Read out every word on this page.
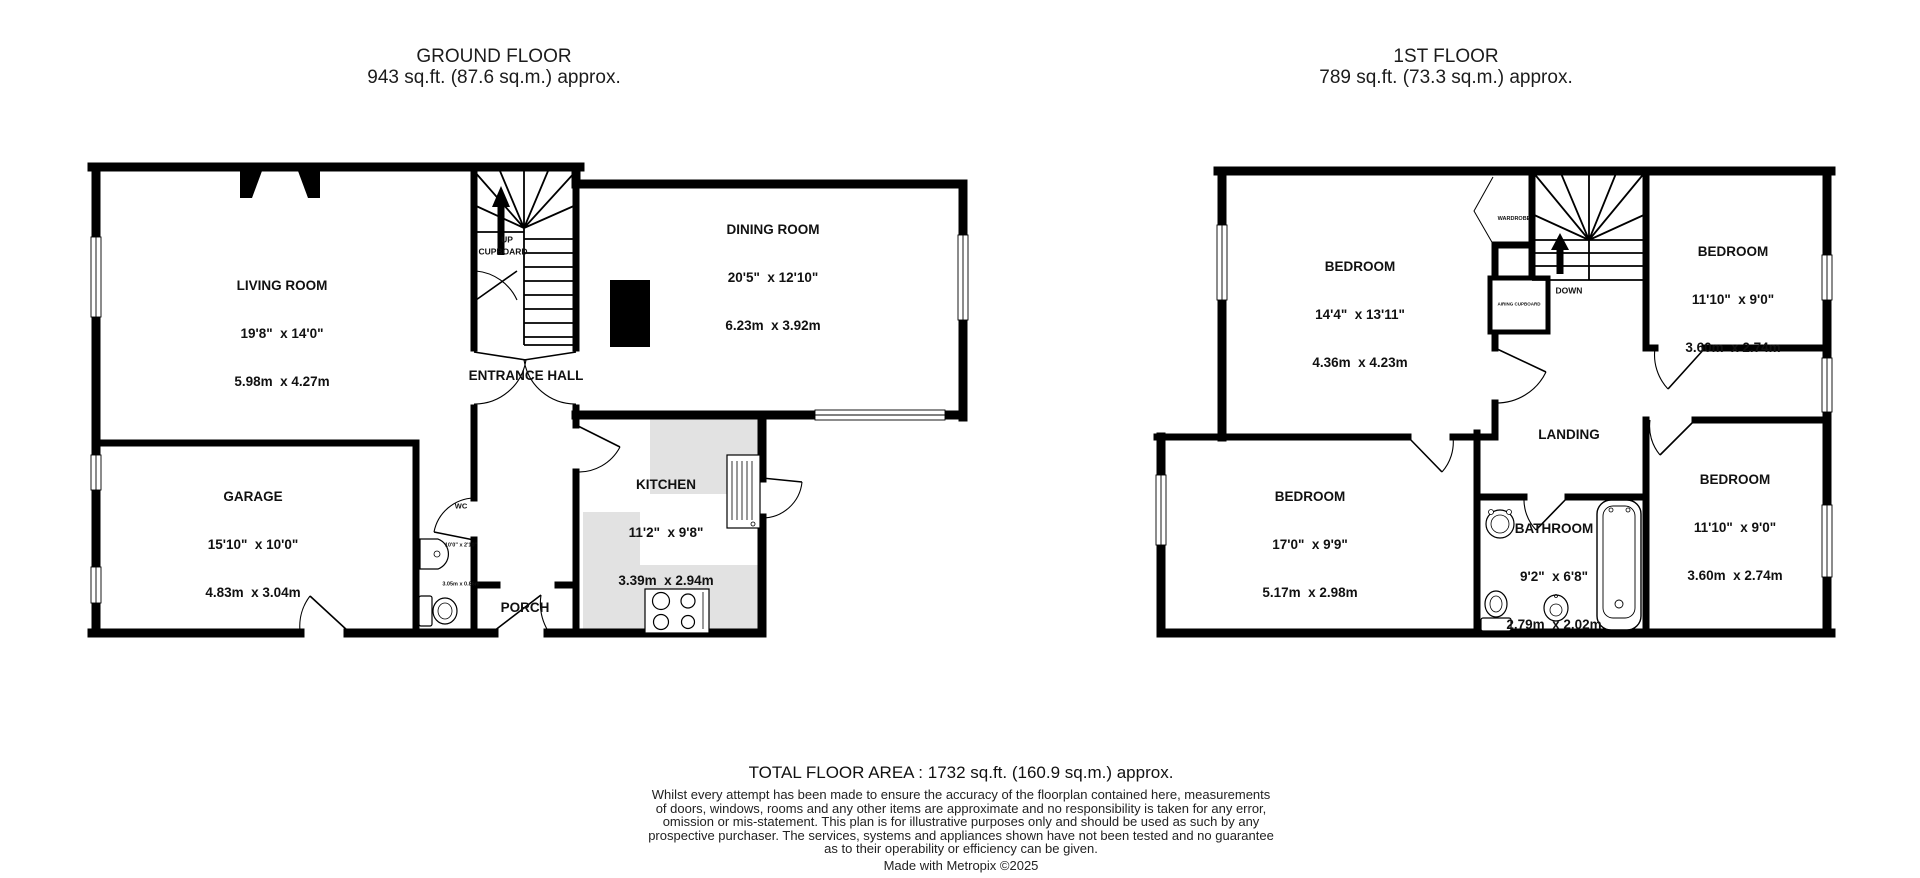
GROUND FLOOR
943 sq.ft. (87.6 sq.m.) approx.
1ST FLOOR
789 sq.ft. (73.3 sq.m.) approx.

LIVING ROOM

19'8"  x 14'0"

5.98m  x 4.27m

DINING ROOM

20'5"  x 12'10"

6.23m  x 3.92m

ENTRANCE HALL

GARAGE

15'10"  x 10'0"

4.83m  x 3.04m

KITCHEN

11'2"  x 9'8"

3.39m  x 2.94m

PORCH

WC

10'0" x 2'10"

3.05m x 0.86m

UP
CUPBOARD

BEDROOM

14'4"  x 13'11"

4.36m  x 4.23m

BEDROOM

11'10"  x 9'0"

3.60m  x 2.74m

LANDING

BEDROOM

17'0"  x 9'9"

5.17m  x 2.98m

BATHROOM

9'2"  x 6'8"

2.79m  x 2.02m

BEDROOM

11'10"  x 9'0"

3.60m  x 2.74m

DOWN
WARDROBE
AIRING CUPBOARD
TOTAL FLOOR AREA : 1732 sq.ft. (160.9 sq.m.) approx.
Whilst every attempt has been made to ensure the accuracy of the floorplan contained here, measurements
of doors, windows, rooms and any other items are approximate and no responsibility is taken for any error,
omission or mis-statement. This plan is for illustrative purposes only and should be used as such by any
prospective purchaser. The services, systems and appliances shown have not been tested and no guarantee
as to their operability or efficiency can be given.
Made with Metropix ©2025
